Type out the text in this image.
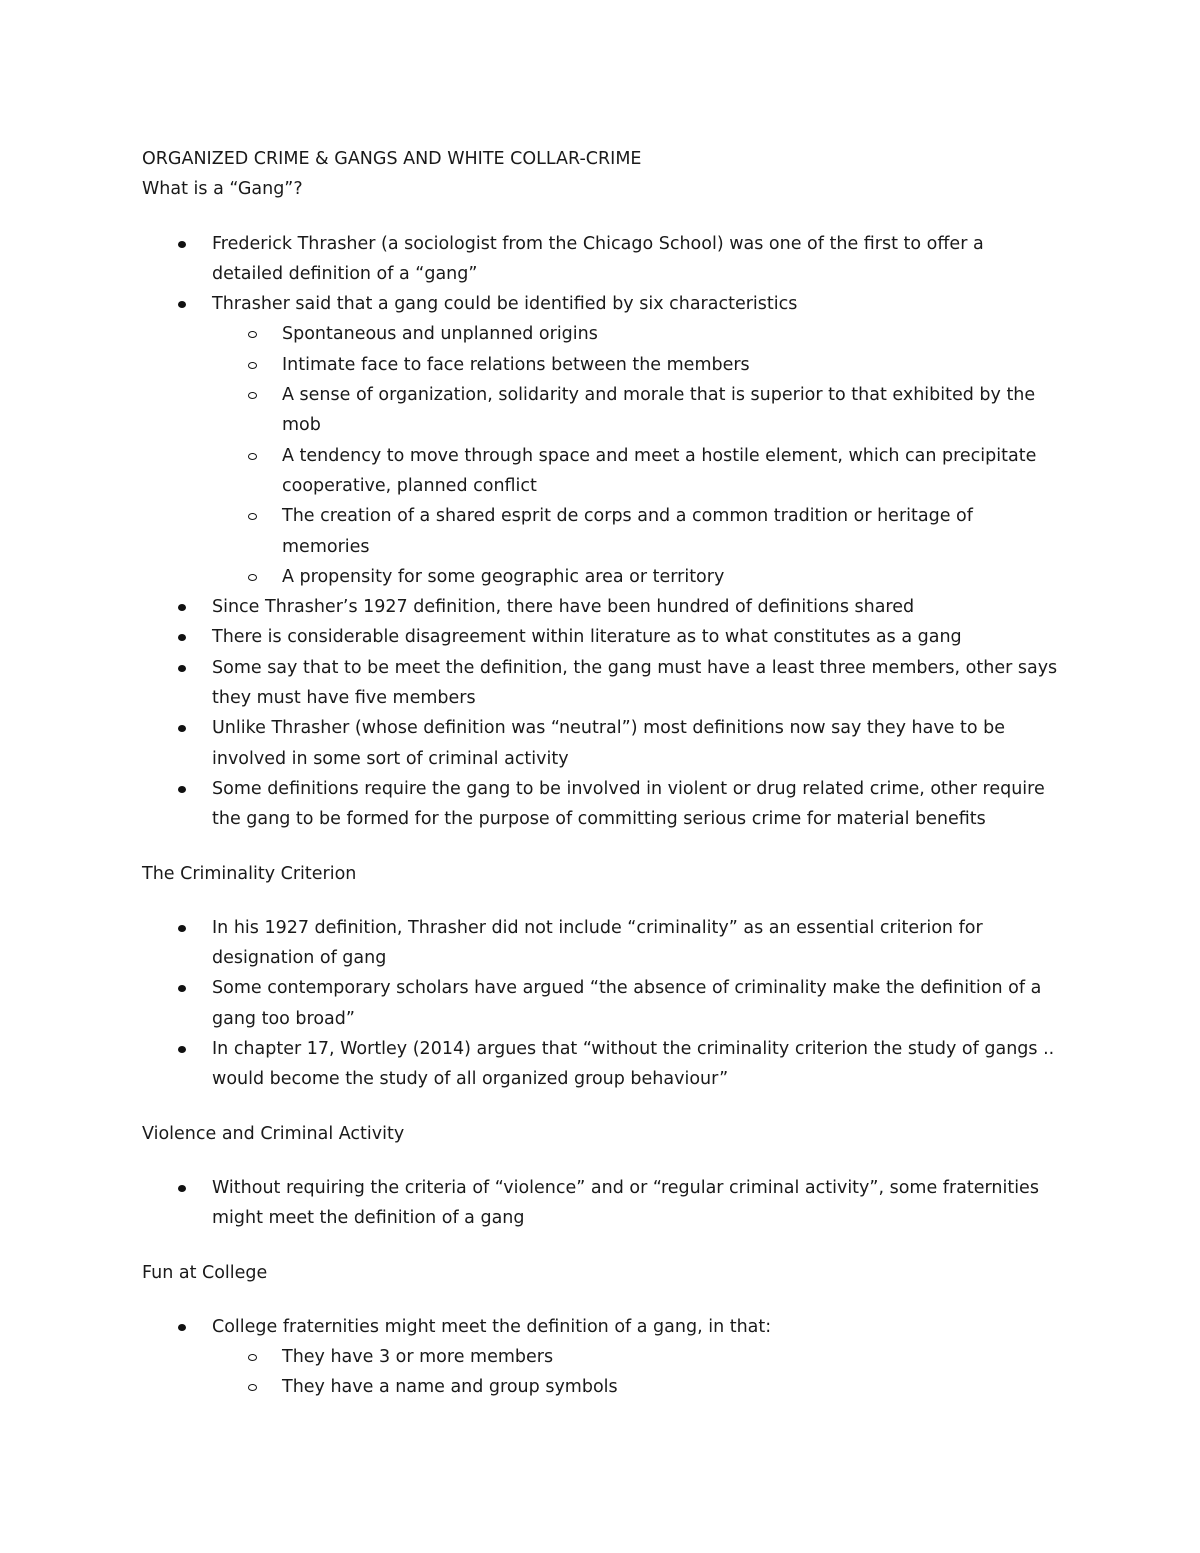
ORGANIZED CRIME & GANGS AND WHITE COLLAR-CRIME

What is a “Gang”?

Frederick Thrasher (a sociologist from the Chicago School) was one of the first to offer a detailed definition of a “gang”
Thrasher said that a gang could be identified by six characteristics
Spontaneous and unplanned origins
Intimate face to face relations between the members
A sense of organization, solidarity and morale that is superior to that exhibited by the mob
A tendency to move through space and meet a hostile element, which can precipitate cooperative, planned conflict
The creation of a shared esprit de corps and a common tradition or heritage of memories
A propensity for some geographic area or territory
Since Thrasher’s 1927 definition, there have been hundred of definitions shared
There is considerable disagreement within literature as to what constitutes as a gang
Some say that to be meet the definition, the gang must have a least three members, other says they must have five members
Unlike Thrasher (whose definition was “neutral”) most definitions now say they have to be involved in some sort of criminal activity
Some definitions require the gang to be involved in violent or drug related crime, other require the gang to be formed for the purpose of committing serious crime for material benefits

The Criminality Criterion

In his 1927 definition, Thrasher did not include “criminality” as an essential criterion for designation of gang
Some contemporary scholars have argued “the absence of criminality make the definition of a gang too broad”
In chapter 17, Wortley (2014) argues that “without the criminality criterion the study of gangs .. would become the study of all organized group behaviour”

Violence and Criminal Activity

Without requiring the criteria of “violence” and or “regular criminal activity”, some fraternities might meet the definition of a gang

Fun at College

College fraternities might meet the definition of a gang, in that:
They have 3 or more members
They have a name and group symbols
